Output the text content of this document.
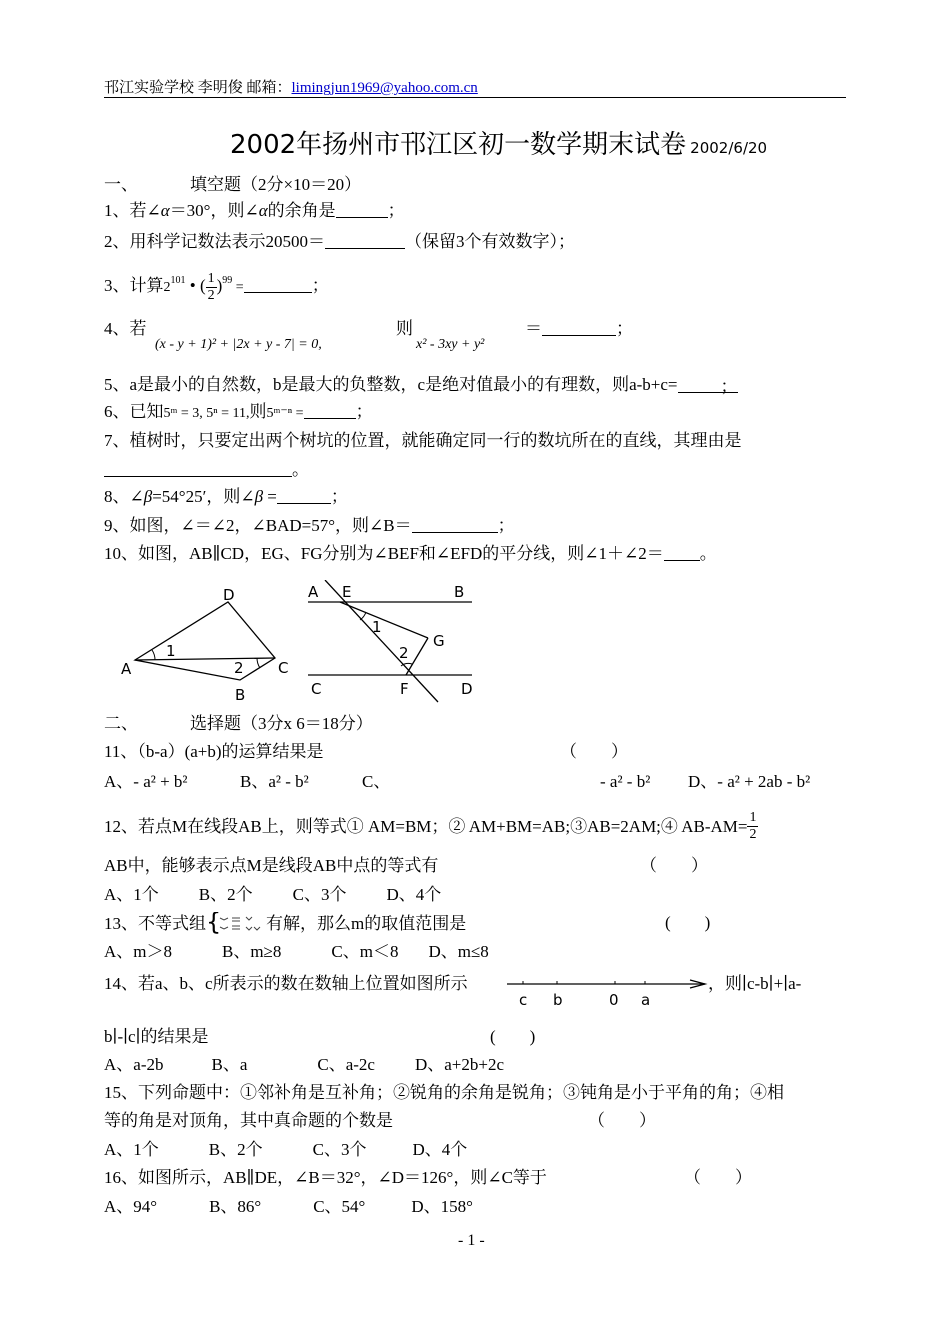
邗江实验学校 李明俊 邮箱：limingjun1969@yahoo.com.cn
2002年扬州市邗江区初一数学期末试卷 2002/6/20
一、	填空题（2分×10＝20）
1、若∠α＝30°，则∠α的余角是	；
2、用科学记数法表示20500＝	（保留3个有效数字）；
3、计算$2^{101}$ • ( $\frac{1}{2} )^{99}$ =	；
4、若
(x - y + 1)² + |2x + y - 7| = 0,
则
x² - 3xy + y²
＝	；
5、a是最小的自然数，b是最大的负整数，c是绝对值最小的有理数，则a-b+c=	；
6、已知5ᵐ = 3, 5ⁿ = 11,则5ᵐ⁻ⁿ =	；
7、植树时，只要定出两个树坑的位置，就能确定同一行的数坑所在的直线，其理由是
。
8、∠β=54°25′，则∠β =	；
9、如图，∠＝∠2，∠BAD=57°，则∠B＝	；
10、如图，AB∥CD，EG、FG分别为∠BEF和∠EFD的平分线，则∠1＋∠2＝ 。
D
A
1
2 C
B
A E	B
1
G
2
C	F	D
二、	选择题（3分x 6＝18分）
11、（b-a）(a+b)的运算结果是	（　　）
A、- a² + b²	B、a² - b²	C、	- a² - b² D、- a² + 2ab - b²
12、若点M在线段AB上，则等式① AM=BM；② AM+BM=AB;③AB=2AM;④ $AB-AM= \frac{1}{2}$
AB中，能够表示点M是线段AB中点的等式有	（　　）
A、1个 B、2个 C、3个 D、4个
13、不等式组 {	有解，那么m的取值范围是	(　　)
A、m＞8	B、m≥8	C、m＜8 D、m≤8
14、若a、b、c所表示的数在数轴上位置如图所示
c b	0 a
，则∣c-b∣+∣a-
b∣-∣c∣的结果是	(　　)
A、a-2b	B、a	C、a-2c D、a+2b+2c
15、下列命题中：①邻补角是互补角；②锐角的余角是锐角；③钝角是小于平角的角；④相
等的角是对顶角，其中真命题的个数是	（　　）
A、1个	B、2个	C、3个	D、4个
16、如图所示，AB∥DE，∠B＝32°，∠D＝126°，则∠C等于	（　　）
A、94°	B、86°	C、54°	D、158°
- 1 -
